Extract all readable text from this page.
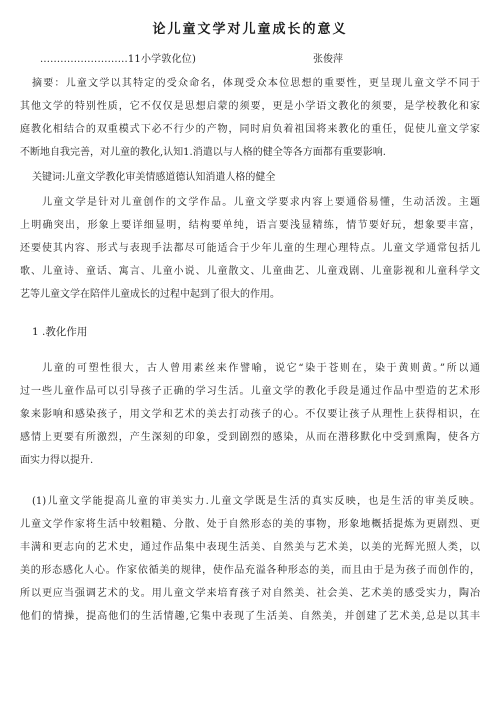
论儿童文学对儿童成长的意义
..........................11小学敦化位)	张俊萍
摘要：儿童文学以其特定的受众命名，体现受众本位思想的重要性，更呈现儿童文学不同于
其他文学的特别性质，它不仅仅是思想启蒙的须要，更是小学语文教化的须要，是学校教化和家
庭教化相结合的双重模式下必不行少的产物，同时肩负着祖国将来教化的重任，促使儿童文学家
不断地自我完善，对儿童的教化,认知1.消遣以与人格的健全等各方面都有重要影响.
关键词:儿童文学教化审美情感道德认知消遣人格的健全
儿童文学是针对儿童创作的文学作品。儿童文学要求内容上要通俗易懂，生动活泼。主题
上明确突出，形象上要详细显明，结构要单纯，语言要浅显精练，情节要好玩，想象要丰富，
还要使其内容、形式与表现手法都尽可能适合于少年儿童的生理心理特点。儿童文学通常包括儿
歌、儿童诗、童话、寓言、儿童小说、儿童散文、儿童曲艺、儿童戏剧、儿童影视和儿童科学文
艺等儿童文学在陪伴儿童成长的过程中起到了很大的作用。
1 .教化作用
儿童的可塑性很大，古人曾用素丝来作譬喻，说它“染于苍则在，染于黄则黄。”所以通
过一些儿童作品可以引导孩子正确的学习生活。儿童文学的教化手段是通过作品中型造的艺术形
象来影响和感染孩子，用文学和艺术的美去打动孩子的心。不仅要让孩子从理性上获得相识，在
感情上更要有所激烈，产生深刻的印象，受到剧烈的感染，从而在潜移默化中受到熏陶，使各方
面实力得以提升.
(1)儿童文学能提高儿童的审美实力.儿童文学既是生活的真实反映，也是生活的审美反映。
儿童文学作家将生活中较粗糙、分散、处于自然形态的美的事物，形象地概括提炼为更剧烈、更
丰满和更志向的艺术史，通过作品集中表现生活美、自然美与艺术美，以美的光辉光照人类，以
美的形态感化人心。作家依循美的规律，使作品充溢各种形态的美，而且由于是为孩子而创作的，
所以更应当强调艺术的戈。用儿童文学来培育孩子对自然美、社会美、艺术美的感受实力，陶冶
他们的情操，提高他们的生活情趣,它集中表现了生活美、自然美，并创建了艺术美,总是以其丰
